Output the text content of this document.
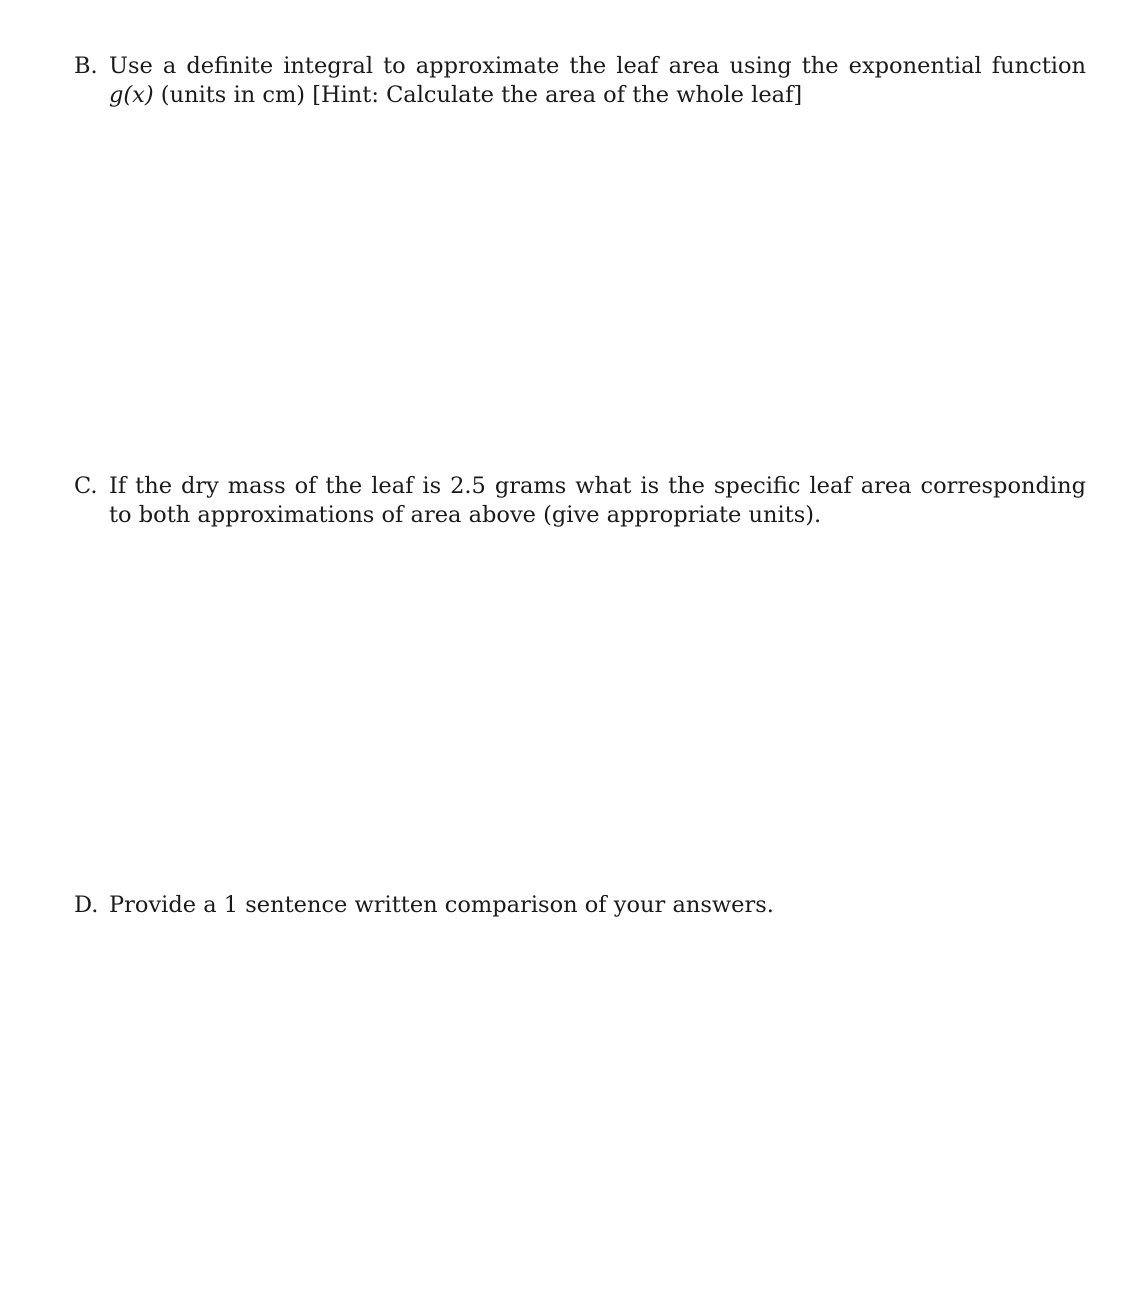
B. Use a definite integral to approximate the leaf area using the exponential function g(x) (units in cm) [Hint: Calculate the area of the whole leaf]
C. If the dry mass of the leaf is 2.5 grams what is the specific leaf area corresponding to both approximations of area above (give appropriate units).
D. Provide a 1 sentence written comparison of your answers.
